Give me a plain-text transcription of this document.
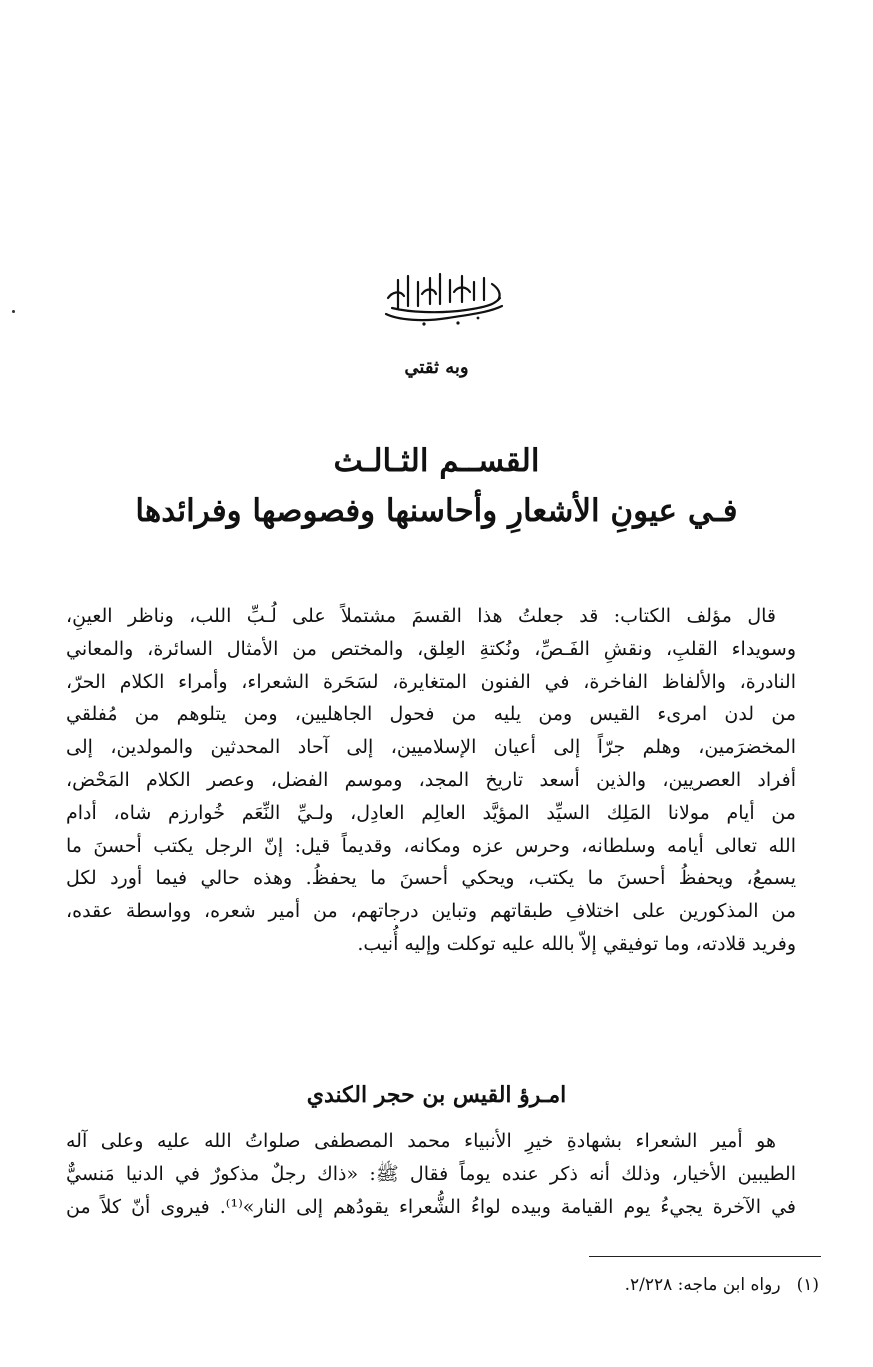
وبه ثقتي
القســم الثـالـث
فـي عيونِ الأشعارِ وأحاسنها وفصوصها وفرائدها
قال مؤلف الكتاب: قد جعلتُ هذا القسمَ مشتملاً على لُـبِّ اللب، وناظر العينِ،
وسويداء القلبِ، ونقشِ الفَـصِّ، ونُكتةِ العِلق، والمختص من الأمثال السائرة، والمعاني
النادرة، والألفاظ الفاخرة، في الفنون المتغايرة، لسَحَرة الشعراء، وأمراء الكلام الحرّ،
من لدن امرىء القيس ومن يليه من فحول الجاهليين، ومن يتلوهم من مُفلقي
المخضرَمين، وهلم جرّاً إلى أعيان الإسلاميين، إلى آحاد المحدثين والمولدين، إلى
أفراد العصريين، والذين أسعد تاريخ المجد، وموسم الفضل، وعصر الكلام المَحْض،
من أيام مولانا المَلِك السيِّد المؤيَّد العالِم العادِل، ولـيِّ النِّعَم خُوارزم شاه، أدام
الله تعالى أيامه وسلطانه، وحرس عزه ومكانه، وقديماً قيل: إنّ الرجل يكتب أحسنَ ما
يسمعُ، ويحفظُ أحسنَ ما يكتب، ويحكي أحسنَ ما يحفظُ. وهذه حالي فيما أورد لكل
من المذكورين على اختلافِ طبقاتهم وتباين درجاتهم، من أمير شعره، وواسطة عقده،
وفريد قلادته، وما توفيقي إلاّ بالله عليه توكلت وإليه أُنيب.
امـرؤ القيس بن حجر الكندي
هو أمير الشعراء بشهادةِ خيرِ الأنبياء محمد المصطفى صلواتُ الله عليه وعلى آله
الطيبين الأخيار، وذلك أنه ذكر عنده يوماً فقال ﷺ: «ذاك رجلٌ مذكورٌ في الدنيا مَنسيٌّ
في الآخرة يجيءُ يوم القيامة وبيده لواءُ الشُّعراء يقودُهم إلى النار»⁽¹⁾. فيروى أنّ كلاً من
(١)رواه ابن ماجه: ٢/٢٢٨.
